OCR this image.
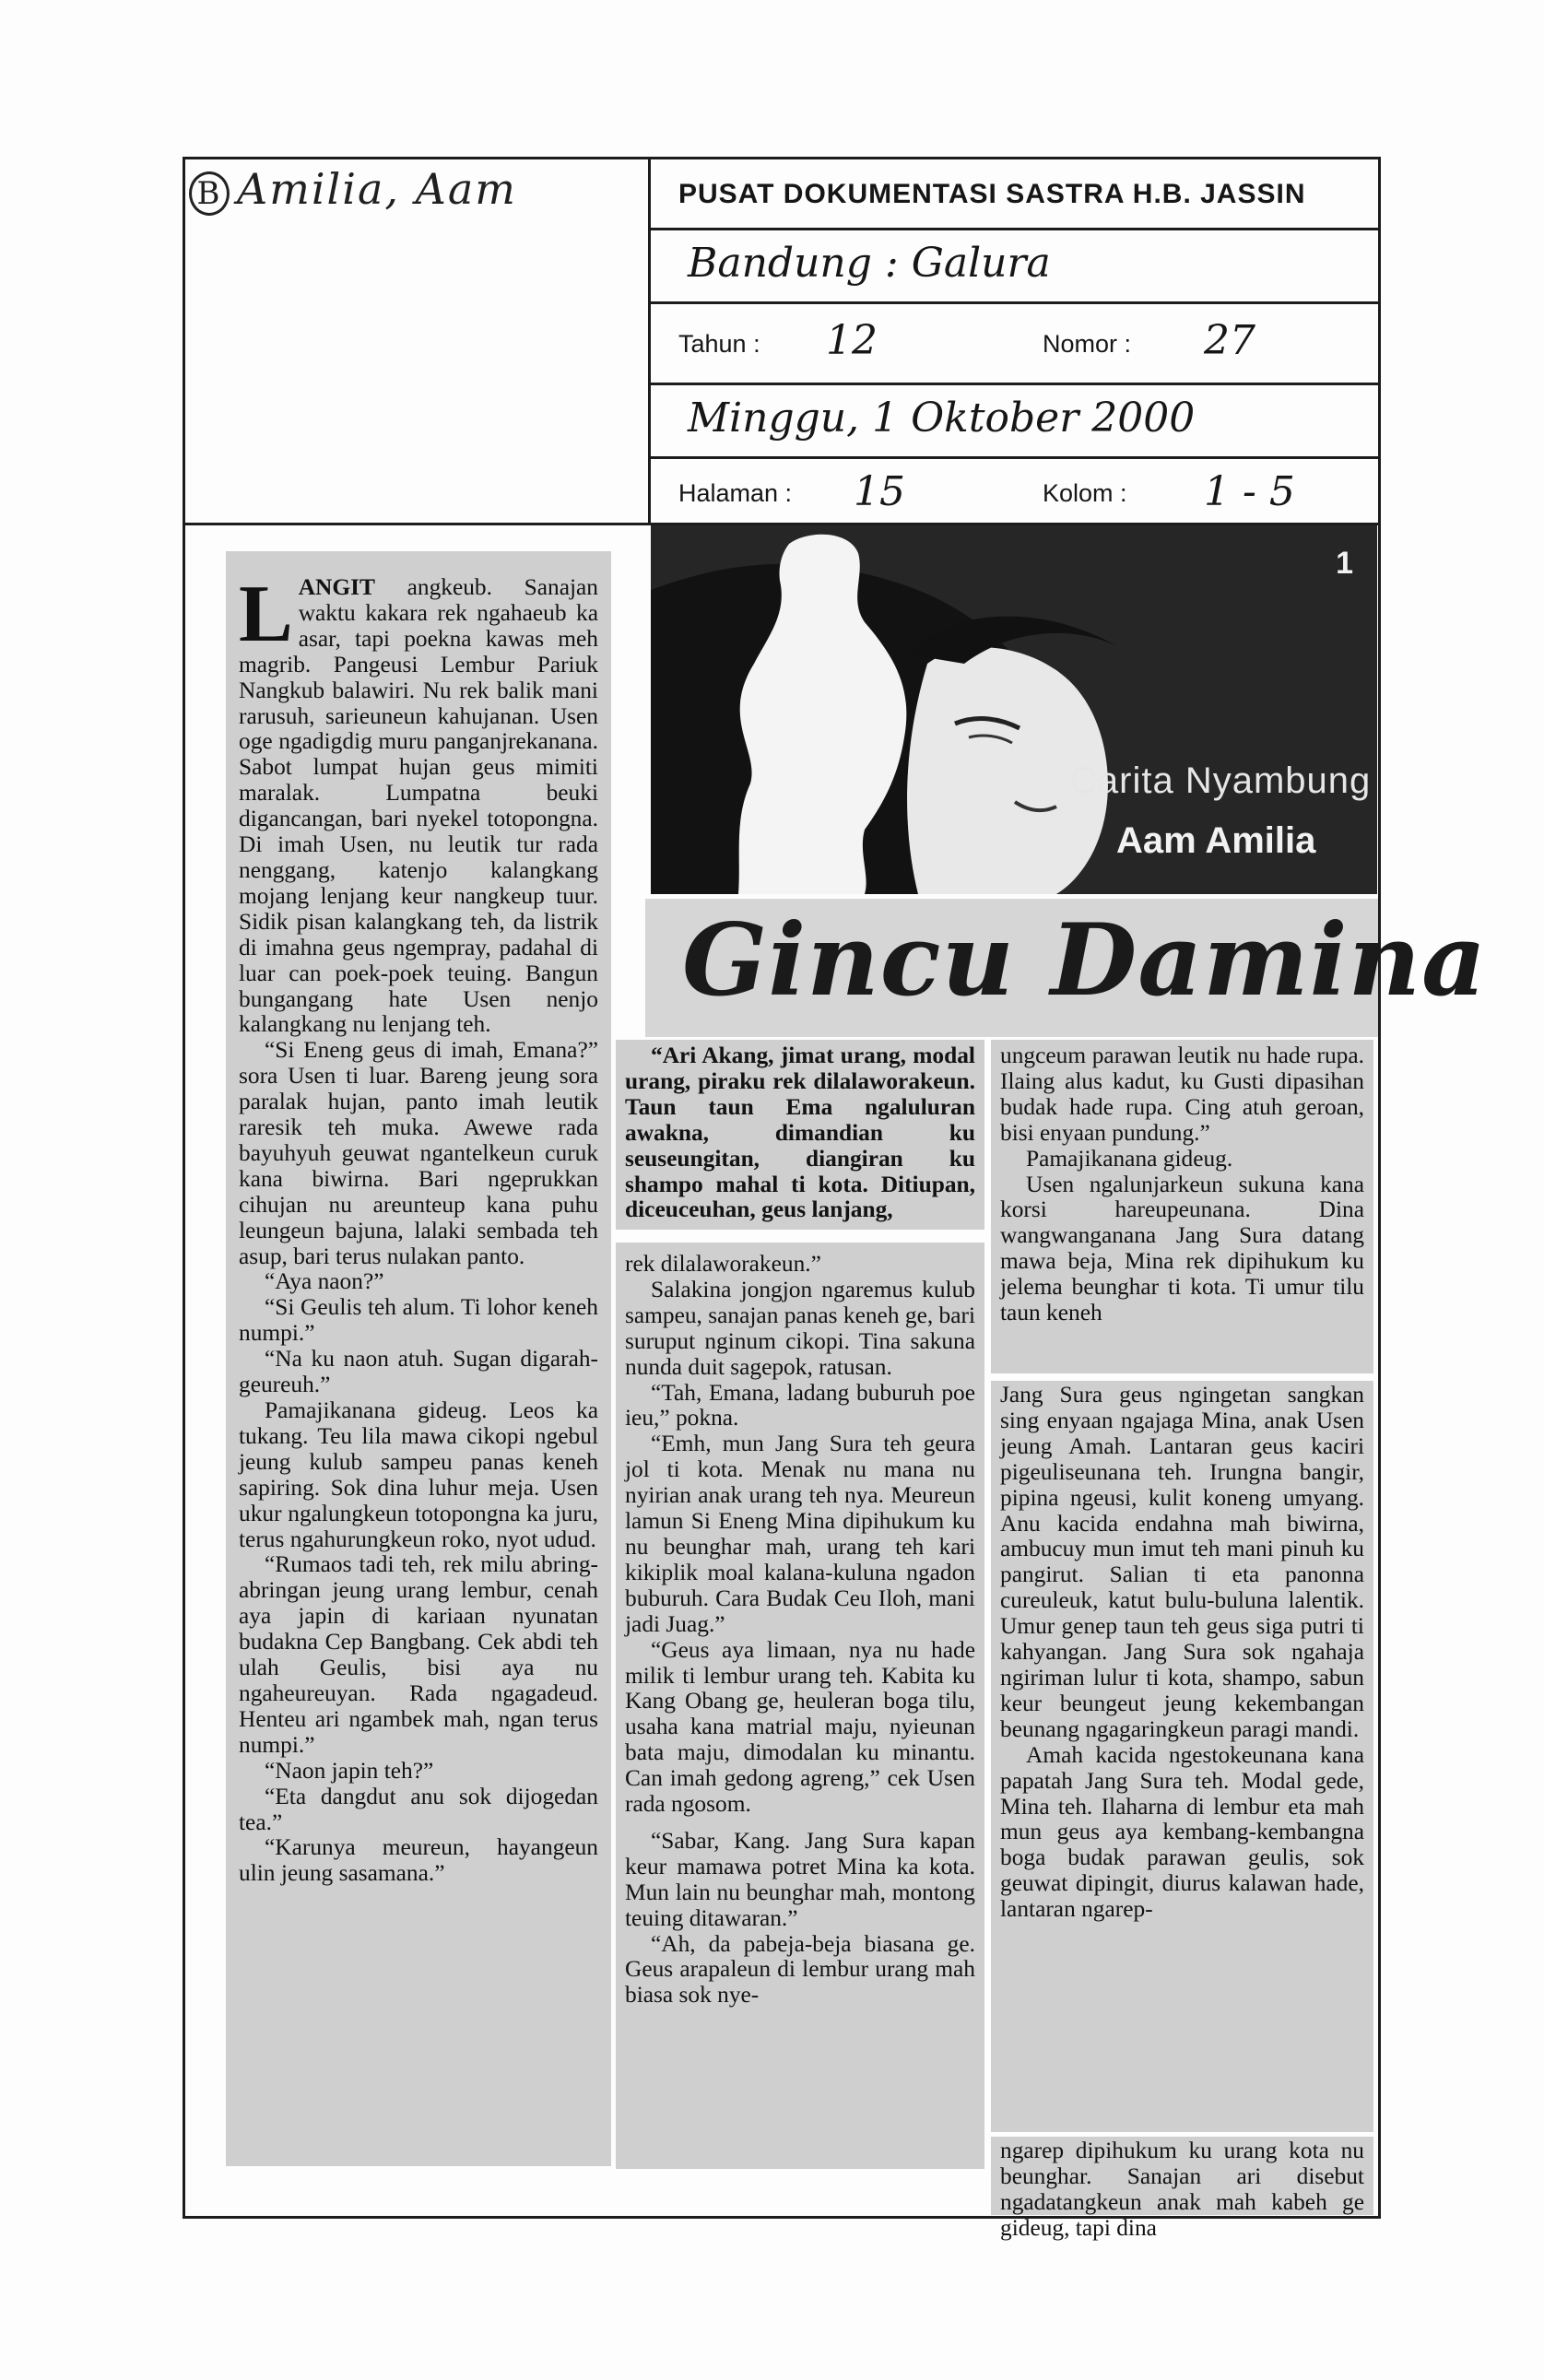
B Amilia, Aam	PUSAT DOKUMENTASI SASTRA H.B. JASSIN
Bandung : Galura
Tahun : 12	Nomor : 27
Minggu, 1 Oktober 2000
Halaman : 15	Kolom : 1 - 5

LANGIT angkeub. Sanajan waktu kakara rek ngahaeub ka asar, tapi poekna kawas meh magrib. Pangeusi Lembur Pariuk Nangkub balawiri. Nu rek balik mani rarusuh, sarieuneun kahujanan. Usen oge ngadigdig muru panganjrekanana. Sabot lumpat hujan geus mimiti maralak. Lumpatna beuki digancangan, bari nyekel totopongna. Di imah Usen, nu leutik tur rada nenggang, katenjo kalangkang mojang lenjang keur nangkeup tuur. Sidik pisan kalangkang teh, da listrik di imahna geus ngempray, padahal di luar can poek-poek teuing. Bangun bungangang hate Usen nenjo kalangkang nu lenjang teh.

“Si Eneng geus di imah, Emana?” sora Usen ti luar. Bareng jeung sora paralak hujan, panto imah leutik raresik teh muka. Awewe rada bayuhyuh geuwat ngantelkeun curuk kana biwirna. Bari ngeprukkan cihujan nu areunteup kana puhu leungeun bajuna, lalaki sembada teh asup, bari terus nulakan panto.

“Aya naon?”

“Si Geulis teh alum. Ti lohor keneh numpi.”

“Na ku naon atuh. Sugan digarah-geureuh.”

Pamajikanana gideug. Leos ka tukang. Teu lila mawa cikopi ngebul jeung kulub sampeu panas keneh sapiring. Sok dina luhur meja. Usen ukur ngalungkeun totopongna ka juru, terus ngahurungkeun roko, nyot udud.

“Rumaos tadi teh, rek milu abring-abringan jeung urang lembur, cenah aya japin di kariaan nyunatan budakna Cep Bangbang. Cek abdi teh ulah Geulis, bisi aya nu ngaheureuyan. Rada ngagadeud. Henteu ari ngambek mah, ngan terus numpi.”

“Naon japin teh?”

“Eta dangdut anu sok dijogedan tea.”

“Karunya meureun, hayangeun ulin jeung sasamana.”

1
Carita Nyambung
Aam Amilia
Gincu Damina

“Ari Akang, jimat urang, modal urang, piraku rek dilalaworakeun. Taun taun Ema ngaluluran awakna, dimandian ku seuseungitan, diangiran ku shampo mahal ti kota. Ditiupan, diceuceuhan, geus lanjang,

rek dilalaworakeun.”

Salakina jongjon ngaremus kulub sampeu, sanajan panas keneh ge, bari suruput nginum cikopi. Tina sakuna nunda duit sagepok, ratusan.

“Tah, Emana, ladang buburuh poe ieu,” pokna.

“Emh, mun Jang Sura teh geura jol ti kota. Menak nu mana nu nyirian anak urang teh nya. Meureun lamun Si Eneng Mina dipihukum ku nu beunghar mah, urang teh kari kikiplik moal kalana-kuluna ngadon buburuh. Cara Budak Ceu Iloh, mani jadi Juag.”

“Geus aya limaan, nya nu hade milik ti lembur urang teh. Kabita ku Kang Obang ge, heuleran boga tilu, usaha kana matrial maju, nyieunan bata maju, dimodalan ku minantu. Can imah gedong agreng,” cek Usen rada ngosom.

“Sabar, Kang. Jang Sura kapan keur mamawa potret Mina ka kota. Mun lain nu beunghar mah, montong teuing ditawaran.”

“Ah, da pabeja-beja biasana ge. Geus arapaleun di lembur urang mah biasa sok nye-

ungceum parawan leutik nu hade rupa. Ilaing alus kadut, ku Gusti dipasihan budak hade rupa. Cing atuh geroan, bisi enyaan pundung.”

Pamajikanana gideug.

Usen ngalunjarkeun sukuna kana korsi hareupeunana. Dina wangwanganana Jang Sura datang mawa beja, Mina rek dipihukum ku jelema beunghar ti kota. Ti umur tilu taun keneh

Jang Sura geus ngingetan sangkan sing enyaan ngajaga Mina, anak Usen jeung Amah. Lantaran geus kaciri pigeuliseunana teh. Irungna bangir, pipina ngeusi, kulit koneng umyang. Anu kacida endahna mah biwirna, ambucuy mun imut teh mani pinuh ku pangirut. Salian ti eta panonna cureuleuk, katut bulu-buluna lalentik. Umur genep taun teh geus siga putri ti kahyangan. Jang Sura sok ngahaja ngiriman lulur ti kota, shampo, sabun keur beungeut jeung kekembangan beunang ngagaringkeun paragi mandi.

Amah kacida ngestokeunana kana papatah Jang Sura teh. Modal gede, Mina teh. Ilaharna di lembur eta mah mun geus aya kembang-kembangna boga budak parawan geulis, sok geuwat dipingit, diurus kalawan hade, lantaran ngarep-

ngarep dipihukum ku urang kota nu beunghar. Sanajan ari disebut ngadatangkeun anak mah kabeh ge gideug, tapi dina
